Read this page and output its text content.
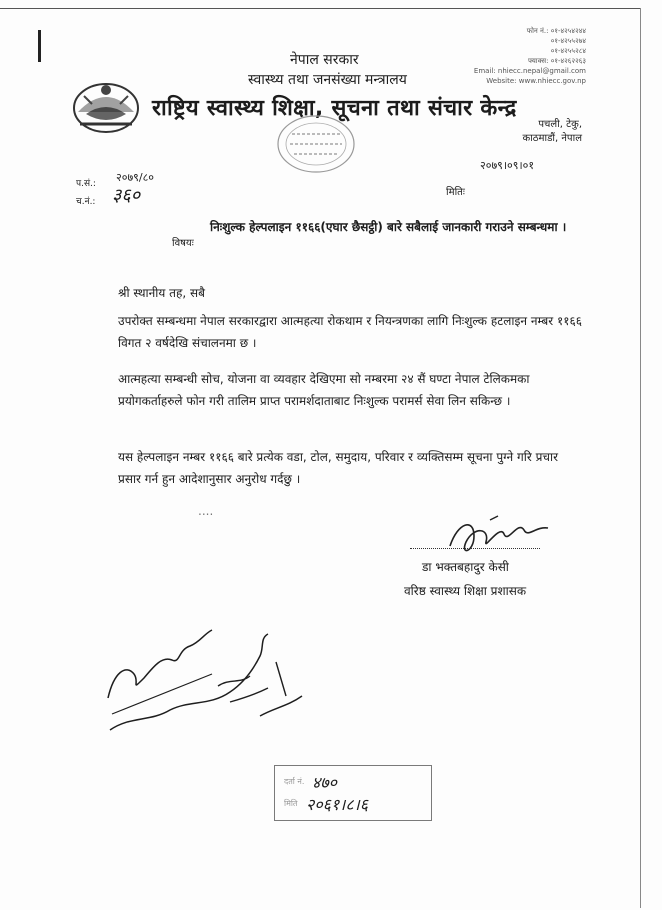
नेपाल सरकार
स्वास्थ्य तथा जनसंख्या मन्त्रालय
राष्ट्रिय स्वास्थ्य शिक्षा, सूचना तथा संचार केन्द्र
फोन नं.: ०१-४२५४२४४
०१-४२५५२७४
०१-४२५५२८४
फ्याक्स: ०१-४२६२२६३
Email: nhiecc.nepal@gmail.com
Website: www.nhiecc.gov.np
पचली, टेकु,
काठमाडौं, नेपाल
प.सं.: २०७९/८०
च.नं.: ३६०
२०७९।०९।०१
मितिः
विषयः
निःशुल्क हेल्पलाइन ११६६(एघार छैसट्ठी) बारे सबैलाई जानकारी गराउने सम्बन्धमा ।
श्री स्थानीय तह, सबै
उपरोक्त सम्बन्धमा नेपाल सरकारद्वारा आत्महत्या रोकथाम र नियन्त्रणका लागि निःशुल्क हटलाइन नम्बर ११६६ विगत २ वर्षदेखि संचालनमा छ ।
आत्महत्या सम्बन्धी सोच, योजना वा व्यवहार देखिएमा सो नम्बरमा २४ सैं घण्टा नेपाल टेलिकमका प्रयोगकर्ताहरुले फोन गरी तालिम प्राप्त परामर्शदाताबाट निःशुल्क परामर्स सेवा लिन सकिन्छ ।
यस हेल्पलाइन नम्बर ११६६ बारे प्रत्येक वडा, टोल, समुदाय, परिवार र व्यक्तिसम्म सूचना पुग्ने गरि प्रचार प्रसार गर्न हुन आदेशानुसार अनुरोध गर्दछु ।
....
डा भक्तबहादुर केसी
वरिष्ठ स्वास्थ्य शिक्षा प्रशासक
दर्ता नं. ४७०
मिति २०६१।८।६
